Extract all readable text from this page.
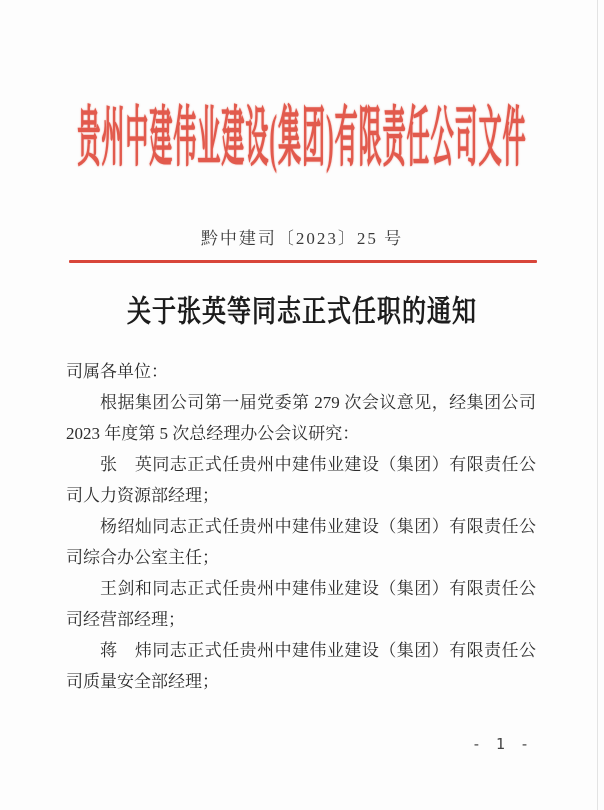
贵州中建伟业建设(集团)有限责任公司文件
黔中建司〔2023〕25 号
关于张英等同志正式任职的通知

司属各单位：

根据集团公司第一届党委第 279 次会议意见，经集团公司 2023 年度第 5 次总经理办公会议研究：

张　英同志正式任贵州中建伟业建设（集团）有限责任公司人力资源部经理；

杨绍灿同志正式任贵州中建伟业建设（集团）有限责任公司综合办公室主任；

王剑和同志正式任贵州中建伟业建设（集团）有限责任公司经营部经理；

蒋　炜同志正式任贵州中建伟业建设（集团）有限责任公司质量安全部经理；

- 1 -
